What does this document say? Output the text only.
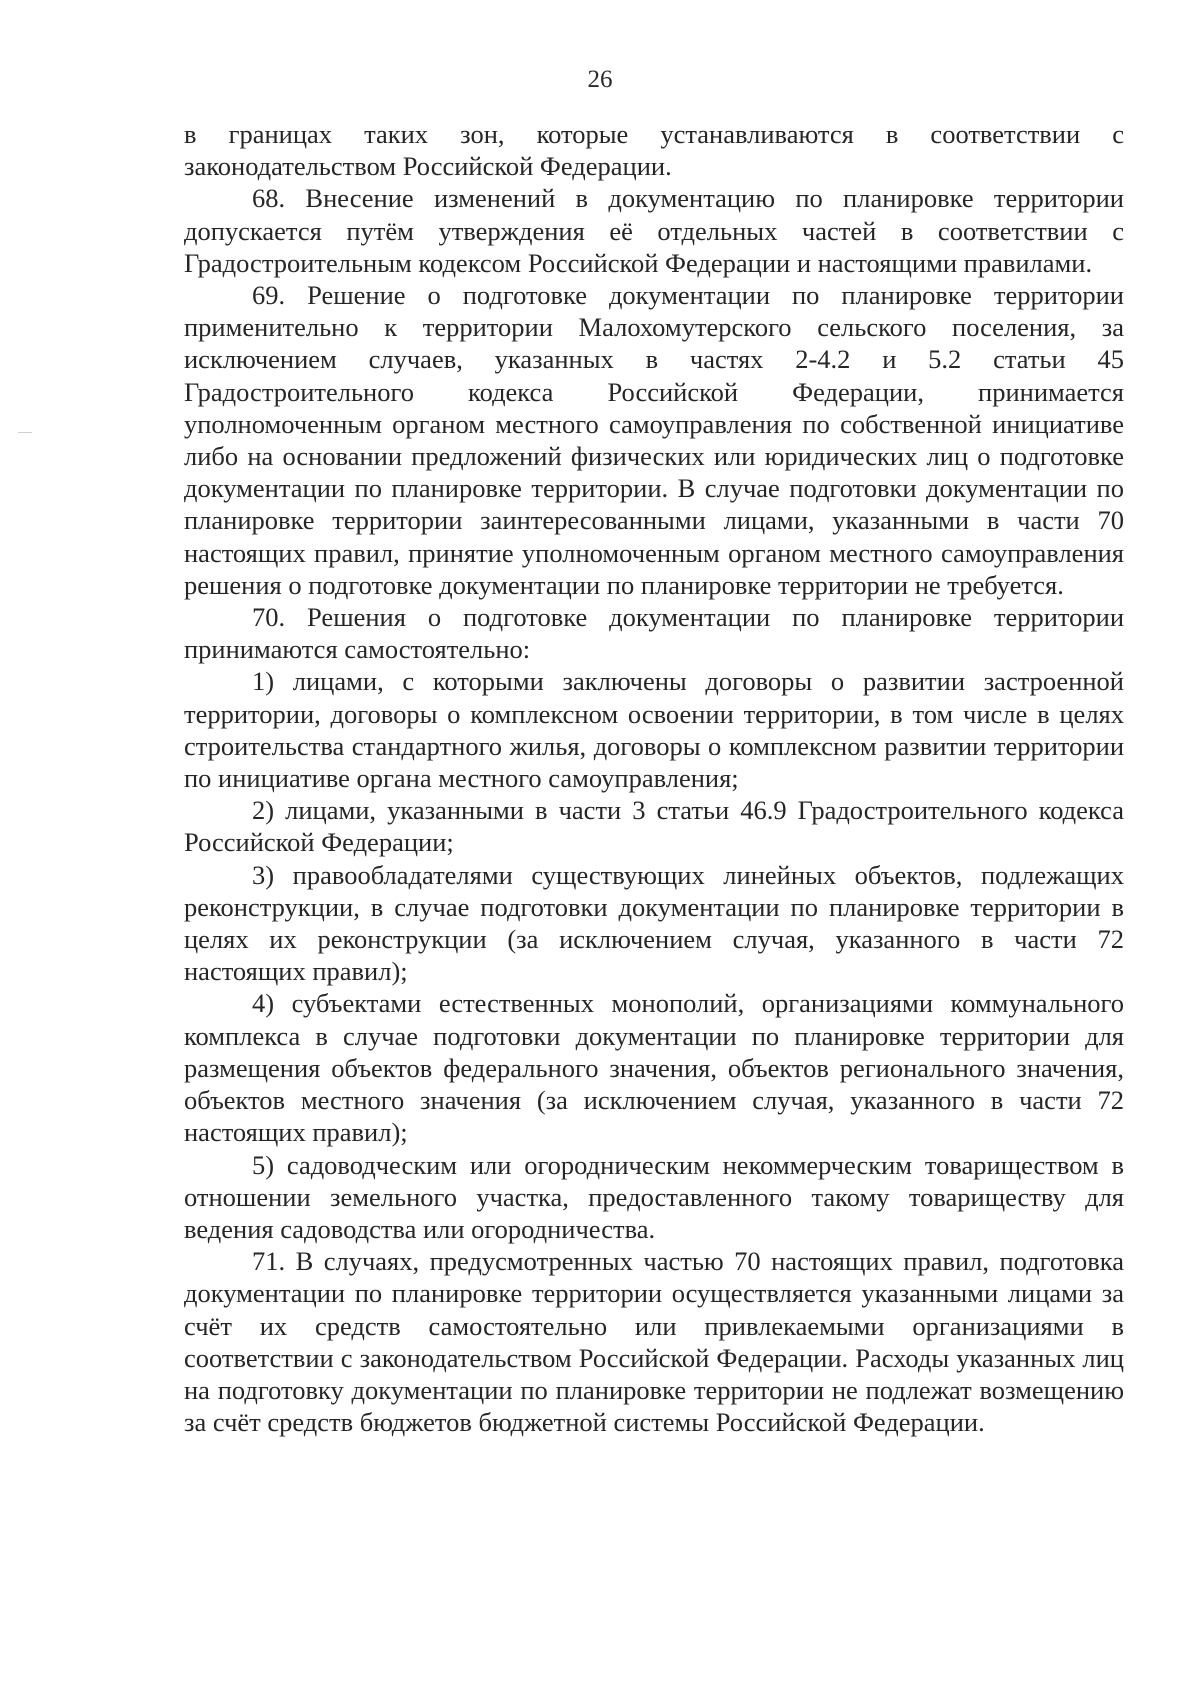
26

в границах таких зон, которые устанавливаются в соответствии с законодательством Российской Федерации.

68. Внесение изменений в документацию по планировке территории допускается путём утверждения её отдельных частей в соответствии с Градостроительным кодексом Российской Федерации и настоящими правилами.

69. Решение о подготовке документации по планировке территории применительно к территории Малохомутерского сельского поселения, за исключением случаев, указанных в частях 2-4.2 и 5.2 статьи 45 Градостроительного кодекса Российской Федерации, принимается уполномоченным органом местного самоуправления по собственной инициативе либо на основании предложений физических или юридических лиц о подготовке документации по планировке территории. В случае подготовки документации по планировке территории заинтересованными лицами, указанными в части 70 настоящих правил, принятие уполномоченным органом местного самоуправления решения о подготовке документации по планировке территории не требуется.

70. Решения о подготовке документации по планировке территории принимаются самостоятельно:

1) лицами, с которыми заключены договоры о развитии застроенной территории, договоры о комплексном освоении территории, в том числе в целях строительства стандартного жилья, договоры о комплексном развитии территории по инициативе органа местного самоуправления;

2) лицами, указанными в части 3 статьи 46.9 Градостроительного кодекса Российской Федерации;

3) правообладателями существующих линейных объектов, подлежащих реконструкции, в случае подготовки документации по планировке территории в целях их реконструкции (за исключением случая, указанного в части 72 настоящих правил);

4) субъектами естественных монополий, организациями коммунального комплекса в случае подготовки документации по планировке территории для размещения объектов федерального значения, объектов регионального значения, объектов местного значения (за исключением случая, указанного в части 72 настоящих правил);

5) садоводческим или огородническим некоммерческим товариществом в отношении земельного участка, предоставленного такому товариществу для ведения садоводства или огородничества.

71. В случаях, предусмотренных частью 70 настоящих правил, подготовка документации по планировке территории осуществляется указанными лицами за счёт их средств самостоятельно или привлекаемыми организациями в соответствии с законодательством Российской Федерации. Расходы указанных лиц на подготовку документации по планировке территории не подлежат возмещению за счёт средств бюджетов бюджетной системы Российской Федерации.
